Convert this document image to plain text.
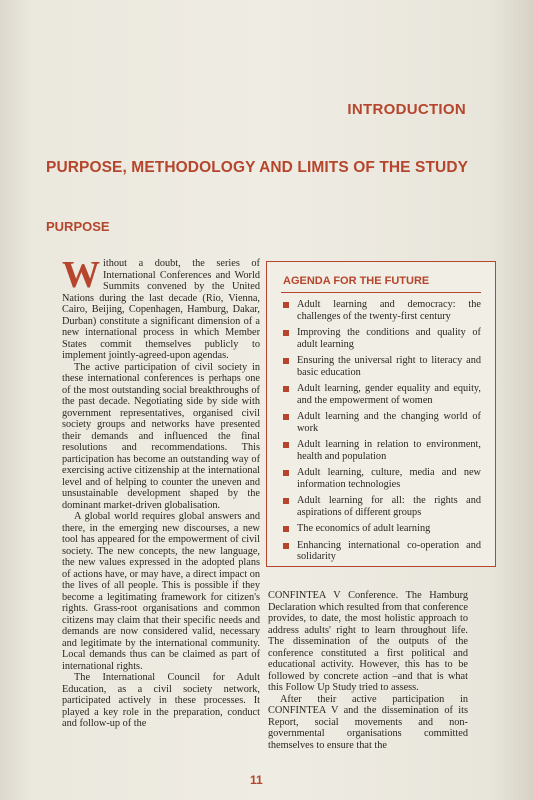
INTRODUCTION
PURPOSE, METHODOLOGY AND LIMITS OF THE STUDY
PURPOSE

Without a doubt, the series of International Conferences and World Summits convened by the United Nations during the last decade (Rio, Vienna, Cairo, Beijing, Copenhagen, Hamburg, Dakar, Durban) constitute a significant dimension of a new international process in which Member States commit themselves publicly to implement jointly-agreed-upon agendas.

The active participation of civil society in these international conferences is perhaps one of the most outstanding social breakthroughs of the past decade. Negotiating side by side with government representatives, organised civil society groups and networks have presented their demands and influenced the final resolutions and recommendations. This participation has become an outstanding way of exercising active citizenship at the international level and of helping to counter the uneven and unsustainable development shaped by the dominant market-driven globalisation.

A global world requires global answers and there, in the emerging new discourses, a new tool has appeared for the empowerment of civil society. The new concepts, the new language, the new values expressed in the adopted plans of actions have, or may have, a direct impact on the lives of all people. This is possible if they become a legitimating framework for citizen's rights. Grass-root organisations and common citizens may claim that their specific needs and demands are now considered valid, necessary and legitimate by the international community. Local demands thus can be claimed as part of international rights.

The International Council for Adult Education, as a civil society network, participated actively in these processes. It played a key role in the preparation, conduct and follow-up of the

AGENDA FOR THE FUTURE
Adult learning and democracy: the challenges of the twenty-first century
Improving the conditions and quality of adult learning
Ensuring the universal right to literacy and basic education
Adult learning, gender equality and equity, and the empowerment of women
Adult learning and the changing world of work
Adult learning in relation to environment, health and population
Adult learning, culture, media and new information technologies
Adult learning for all: the rights and aspirations of different groups
The economics of adult learning
Enhancing international co-operation and solidarity

CONFINTEA V Conference. The Hamburg Declaration which resulted from that conference provides, to date, the most holistic approach to address adults' right to learn throughout life. The dissemination of the outputs of the conference constituted a first political and educational activity. However, this has to be followed by concrete action –and that is what this Follow Up Study tried to assess.

After their active participation in CONFINTEA V and the dissemination of its Report, social movements and non-governmental organisations committed themselves to ensure that the

11
